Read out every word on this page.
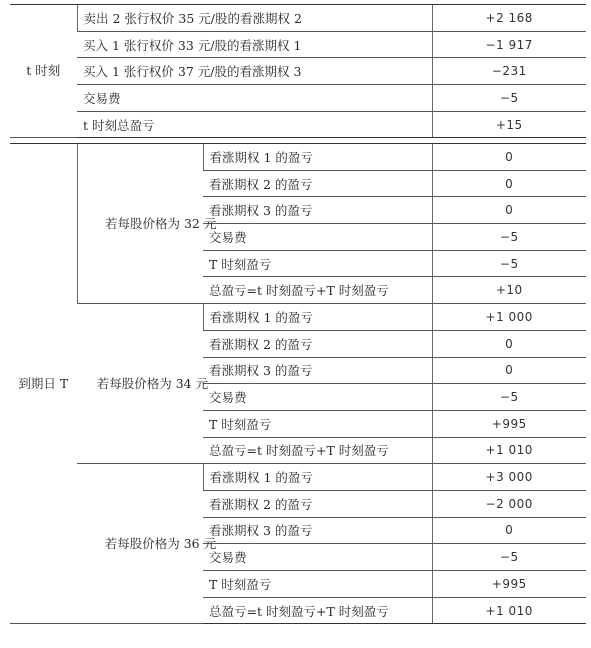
t 时刻	卖出 2 张行权价 35 元/股的看涨期权 2	+2 168
	买入 1 张行权价 33 元/股的看涨期权 1	−1 917
	买入 1 张行权价 37 元/股的看涨期权 3	−231
	交易费	−5
	t 时刻总盈亏	+15
到期日 T	若每股价格为 32 元	看涨期权 1 的盈亏	0
		看涨期权 2 的盈亏	0
		看涨期权 3 的盈亏	0
		交易费	−5
		T 时刻盈亏	−5
		总盈亏=t 时刻盈亏+T 时刻盈亏	+10
	若每股价格为 34 元	看涨期权 1 的盈亏	+1 000
		看涨期权 2 的盈亏	0
		看涨期权 3 的盈亏	0
		交易费	−5
		T 时刻盈亏	+995
		总盈亏=t 时刻盈亏+T 时刻盈亏	+1 010
	若每股价格为 36 元	看涨期权 1 的盈亏	+3 000
		看涨期权 2 的盈亏	−2 000
		看涨期权 3 的盈亏	0
		交易费	−5
		T 时刻盈亏	+995
		总盈亏=t 时刻盈亏+T 时刻盈亏	+1 010
